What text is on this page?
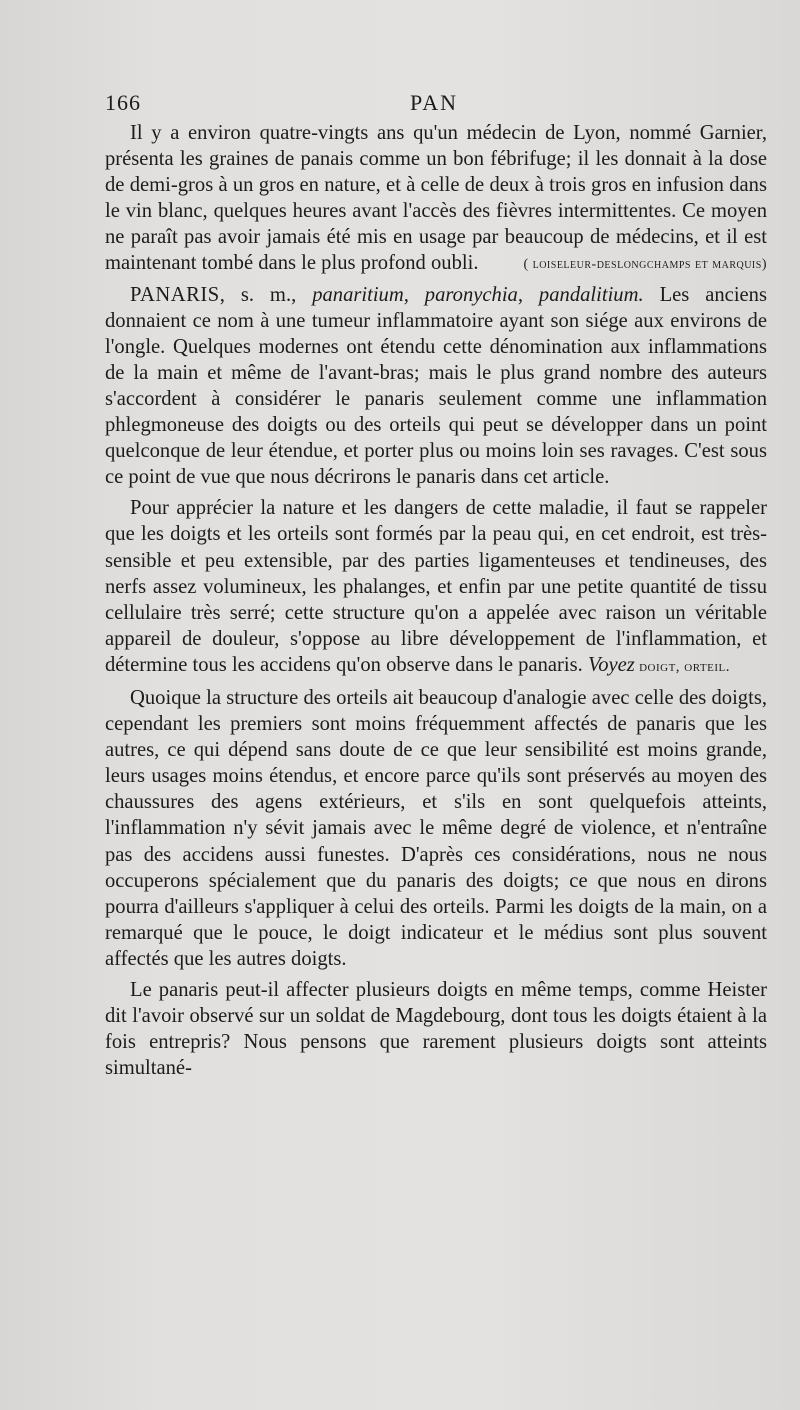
166	PAN

Il y a environ quatre-vingts ans qu'un médecin de Lyon, nommé Garnier, présenta les graines de panais comme un bon fébrifuge; il les donnait à la dose de demi-gros à un gros en nature, et à celle de deux à trois gros en infusion dans le vin blanc, quelques heures avant l'accès des fièvres intermittentes. Ce moyen ne paraît pas avoir jamais été mis en usage par beaucoup de médecins, et il est maintenant tombé dans le plus profond oubli.	( loiseleur-deslongchamps et marquis)

PANARIS, s. m., panaritium, paronychia, pandalitium. Les anciens donnaient ce nom à une tumeur inflammatoire ayant son siége aux environs de l'ongle. Quelques modernes ont étendu cette dénomination aux inflammations de la main et même de l'avant-bras; mais le plus grand nombre des auteurs s'accordent à considérer le panaris seulement comme une inflammation phlegmoneuse des doigts ou des orteils qui peut se développer dans un point quelconque de leur étendue, et porter plus ou moins loin ses ravages. C'est sous ce point de vue que nous décrirons le panaris dans cet article.

Pour apprécier la nature et les dangers de cette maladie, il faut se rappeler que les doigts et les orteils sont formés par la peau qui, en cet endroit, est très-sensible et peu extensible, par des parties ligamenteuses et tendineuses, des nerfs assez volumineux, les phalanges, et enfin par une petite quantité de tissu cellulaire très serré; cette structure qu'on a appelée avec raison un véritable appareil de douleur, s'oppose au libre développement de l'inflammation, et détermine tous les accidens qu'on observe dans le panaris. Voyez doigt, orteil.

Quoique la structure des orteils ait beaucoup d'analogie avec celle des doigts, cependant les premiers sont moins fréquemment affectés de panaris que les autres, ce qui dépend sans doute de ce que leur sensibilité est moins grande, leurs usages moins étendus, et encore parce qu'ils sont préservés au moyen des chaussures des agens extérieurs, et s'ils en sont quelquefois atteints, l'inflammation n'y sévit jamais avec le même degré de violence, et n'entraîne pas des accidens aussi funestes. D'après ces considérations, nous ne nous occuperons spécialement que du panaris des doigts; ce que nous en dirons pourra d'ailleurs s'appliquer à celui des orteils. Parmi les doigts de la main, on a remarqué que le pouce, le doigt indicateur et le médius sont plus souvent affectés que les autres doigts.

Le panaris peut-il affecter plusieurs doigts en même temps, comme Heister dit l'avoir observé sur un soldat de Magdebourg, dont tous les doigts étaient à la fois entrepris? Nous pensons que rarement plusieurs doigts sont atteints simultané-
